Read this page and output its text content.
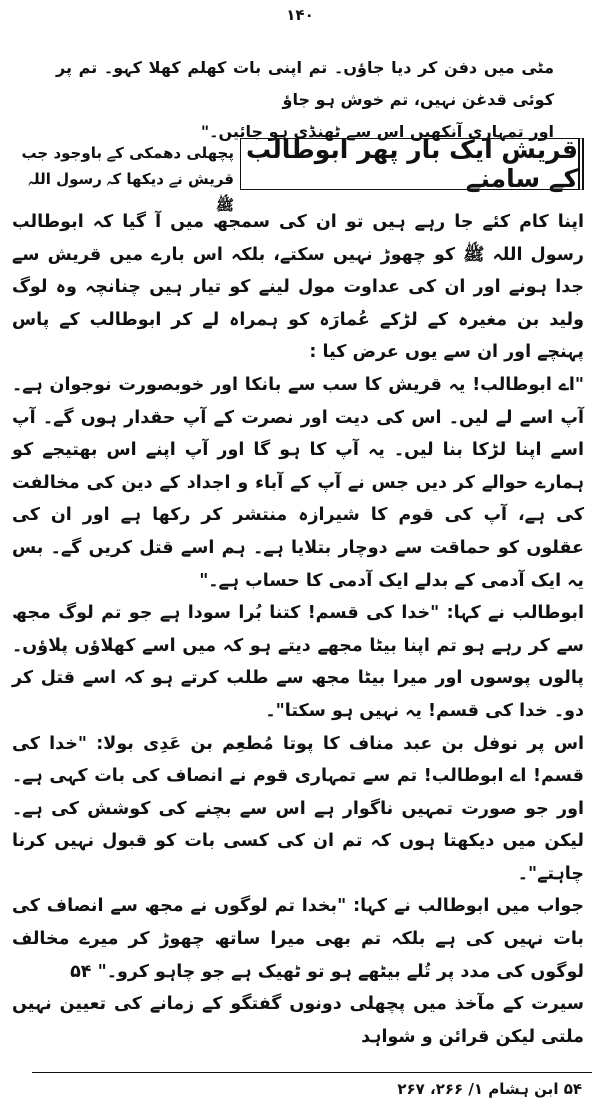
۱۴۰

مٹی میں دفن کر دیا جاؤں۔ تم اپنی بات کھلم کھلا کہو۔ تم پر کوئی قدغن نہیں، تم خوش ہو جاؤ

اور تمہاری آنکھیں اس سے ٹھنڈی ہو جائیں۔"

قریش ایک بار پھر ابوطالب کے سامنے
پچھلی دھمکی کے باوجود جب قریش نے دیکھا کہ رسول اللہ ﷺ

اپنا کام کئے جا رہے ہیں تو ان کی سمجھ میں آ گیا کہ ابوطالب رسول اللہ ﷺ کو چھوڑ نہیں سکتے، بلکہ اس بارے میں قریش سے جدا ہونے اور ان کی عداوت مول لینے کو تیار ہیں چنانچہ وہ لوگ ولید بن مغیرہ کے لڑکے عُمارَہ کو ہمراہ لے کر ابوطالب کے پاس پہنچے اور ان سے یوں عرض کیا :

"اے ابوطالب! یہ قریش کا سب سے بانکا اور خوبصورت نوجوان ہے۔ آپ اسے لے لیں۔ اس کی دیت اور نصرت کے آپ حقدار ہوں گے۔ آپ اسے اپنا لڑکا بنا لیں۔ یہ آپ کا ہو گا اور آپ اپنے اس بھتیجے کو ہمارے حوالے کر دیں جس نے آپ کے آباء و اجداد کے دین کی مخالفت کی ہے، آپ کی قوم کا شیرازہ منتشر کر رکھا ہے اور ان کی عقلوں کو حماقت سے دوچار بتلایا ہے۔ ہم اسے قتل کریں گے۔ بس یہ ایک آدمی کے بدلے ایک آدمی کا حساب ہے۔"

ابوطالب نے کہا: "خدا کی قسم! کتنا بُرا سودا ہے جو تم لوگ مجھ سے کر رہے ہو تم اپنا بیٹا مجھے دیتے ہو کہ میں اسے کھلاؤں پلاؤں۔ پالوں پوسوں اور میرا بیٹا مجھ سے طلب کرتے ہو کہ اسے قتل کر دو۔ خدا کی قسم! یہ نہیں ہو سکتا"۔

اس پر نوفل بن عبد مناف کا پوتا مُطعِم بن عَدِی بولا: "خدا کی قسم! اے ابوطالب! تم سے تمہاری قوم نے انصاف کی بات کہی ہے۔ اور جو صورت تمہیں ناگوار ہے اس سے بچنے کی کوشش کی ہے۔ لیکن میں دیکھتا ہوں کہ تم ان کی کسی بات کو قبول نہیں کرنا چاہتے"۔

جواب میں ابوطالب نے کہا: "بخدا تم لوگوں نے مجھ سے انصاف کی بات نہیں کی ہے بلکہ تم بھی میرا ساتھ چھوڑ کر میرے مخالف لوگوں کی مدد پر تُلے بیٹھے ہو تو ٹھیک ہے جو چاہو کرو۔" ۵۴

سیرت کے مآخذ میں پچھلی دونوں گفتگو کے زمانے کی تعیین نہیں ملتی لیکن قرائن و شواہد

۵۴ ابن ہشام ۱/ ۲۶۶، ۲۶۷
